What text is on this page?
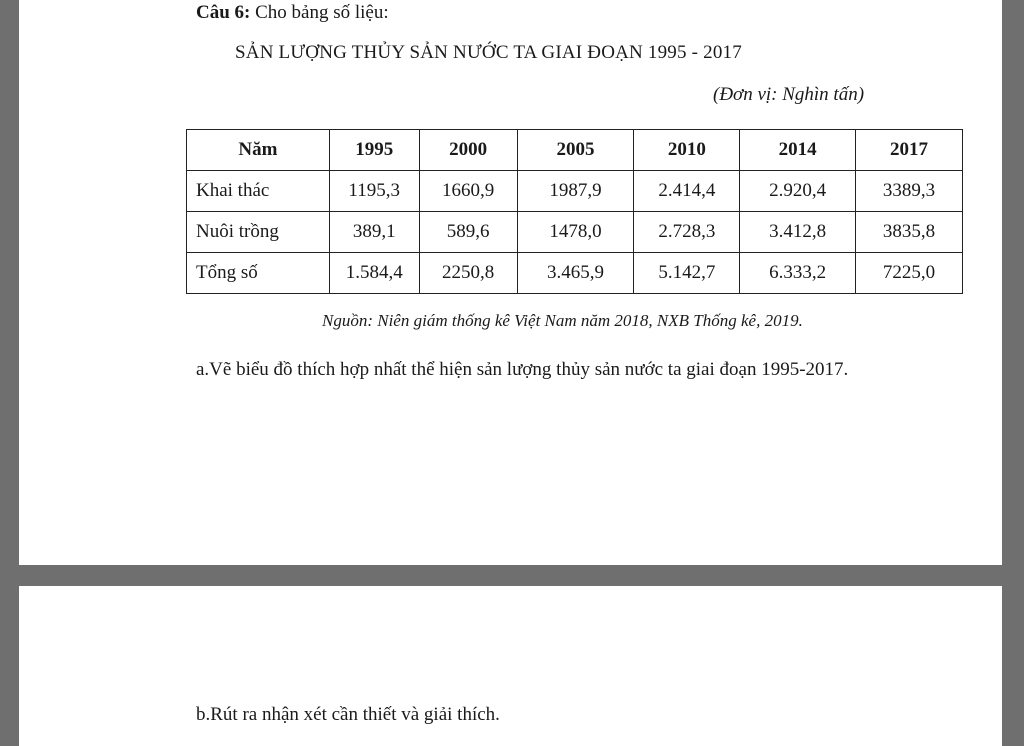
Câu 6: Cho bảng số liệu:
SẢN LƯỢNG THỦY SẢN NƯỚC TA GIAI ĐOẠN 1995 - 2017
(Đơn vị: Nghìn tấn)
Năm	1995	2000	2005	2010	2014	2017
Khai thác	1195,3	1660,9	1987,9	2.414,4	2.920,4	3389,3
Nuôi trồng	389,1	589,6	1478,0	2.728,3	3.412,8	3835,8
Tổng số	1.584,4	2250,8	3.465,9	5.142,7	6.333,2	7225,0
Nguồn: Niên giám thống kê Việt Nam năm 2018, NXB Thống kê, 2019.
a.Vẽ biểu đồ thích hợp nhất thể hiện sản lượng thủy sản nước ta giai đoạn 1995-2017.
b.Rút ra nhận xét cần thiết và giải thích.
